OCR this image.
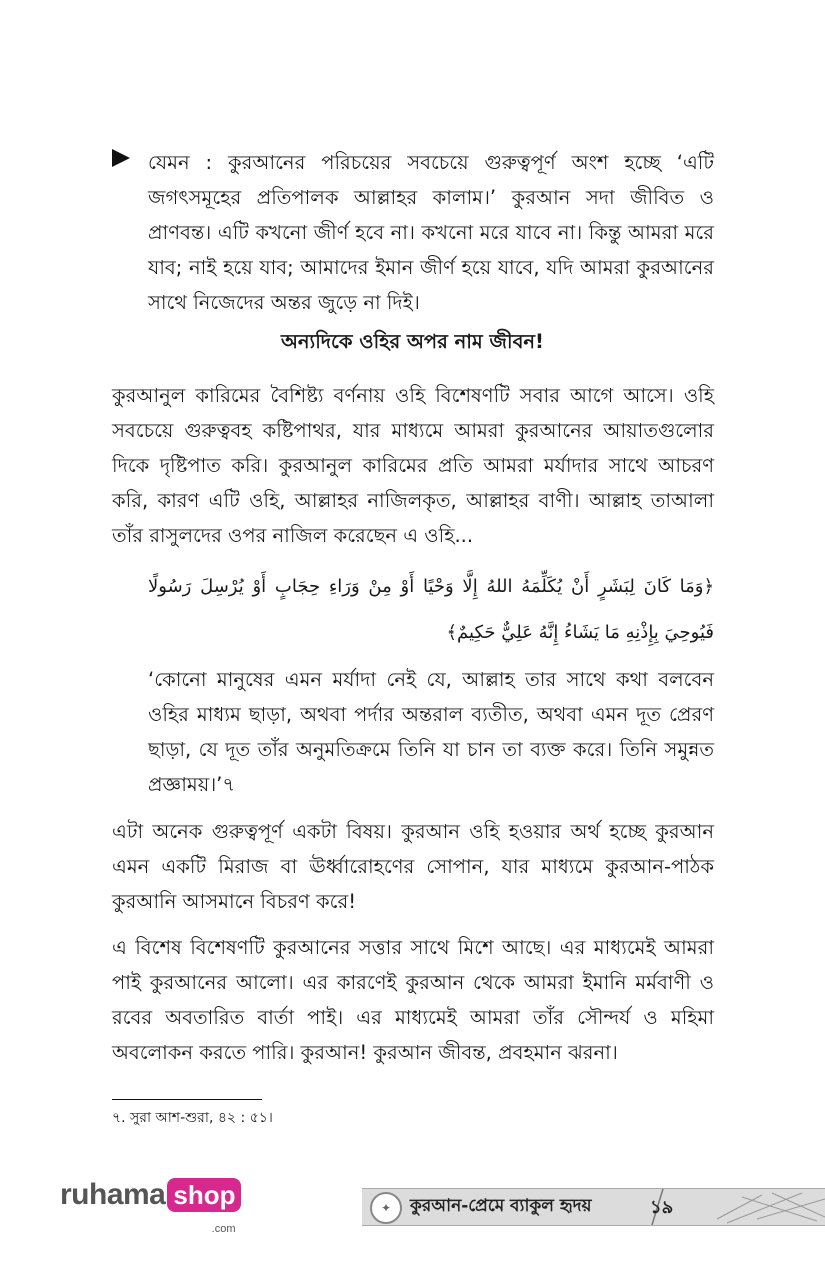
যেমন : কুরআনের পরিচয়ের সবচেয়ে গুরুত্বপূর্ণ অংশ হচ্ছে ‘এটি জগৎসমূহের প্রতিপালক আল্লাহর কালাম।’ কুরআন সদা জীবিত ও প্রাণবন্ত। এটি কখনো জীর্ণ হবে না। কখনো মরে যাবে না। কিন্তু আমরা মরে যাব; নাই হয়ে যাব; আমাদের ইমান জীর্ণ হয়ে যাবে, যদি আমরা কুরআনের সাথে নিজেদের অন্তর জুড়ে না দিই।
অন্যদিকে ওহির অপর নাম জীবন!
কুরআনুল কারিমের বৈশিষ্ট্য বর্ণনায় ওহি বিশেষণটি সবার আগে আসে। ওহি সবচেয়ে গুরুত্ববহ কষ্টিপাথর, যার মাধ্যমে আমরা কুরআনের আয়াতগুলোর দিকে দৃষ্টিপাত করি। কুরআনুল কারিমের প্রতি আমরা মর্যাদার সাথে আচরণ করি, কারণ এটি ওহি, আল্লাহর নাজিলকৃত, আল্লাহর বাণী। আল্লাহ তাআলা তাঁর রাসুলদের ওপর নাজিল করেছেন এ ওহি...
﴿وَمَا كَانَ لِبَشَرٍ أَنْ يُكَلِّمَهُ اللهُ إِلَّا وَحْيًا أَوْ مِنْ وَرَاءِ حِجَابٍ أَوْ يُرْسِلَ رَسُولًا فَيُوحِيَ بِإِذْنِهِ مَا يَشَاءُ إِنَّهُ عَلِيٌّ حَكِيمٌ﴾
‘কোনো মানুষের এমন মর্যাদা নেই যে, আল্লাহ তার সাথে কথা বলবেন ওহির মাধ্যম ছাড়া, অথবা পর্দার অন্তরাল ব্যতীত, অথবা এমন দূত প্রেরণ ছাড়া, যে দূত তাঁর অনুমতিক্রমে তিনি যা চান তা ব্যক্ত করে। তিনি সমুন্নত প্রজ্ঞাময়।’৭
এটা অনেক গুরুত্বপূর্ণ একটা বিষয়। কুরআন ওহি হওয়ার অর্থ হচ্ছে কুরআন এমন একটি মিরাজ বা ঊর্ধ্বারোহণের সোপান, যার মাধ্যমে কুরআন-পাঠক কুরআনি আসমানে বিচরণ করে!
এ বিশেষ বিশেষণটি কুরআনের সত্তার সাথে মিশে আছে। এর মাধ্যমেই আমরা পাই কুরআনের আলো। এর কারণেই কুরআন থেকে আমরা ইমানি মর্মবাণী ও রবের অবতারিত বার্তা পাই। এর মাধ্যমেই আমরা তাঁর সৌন্দর্য ও মহিমা অবলোকন করতে পারি। কুরআন! কুরআন জীবন্ত, প্রবহমান ঝরনা।
৭. সুরা আশ-শুরা, ৪২ : ৫১।
ruhama shop
.com
✦	কুরআন-প্রেমে ব্যাকুল হৃদয়	১৯
